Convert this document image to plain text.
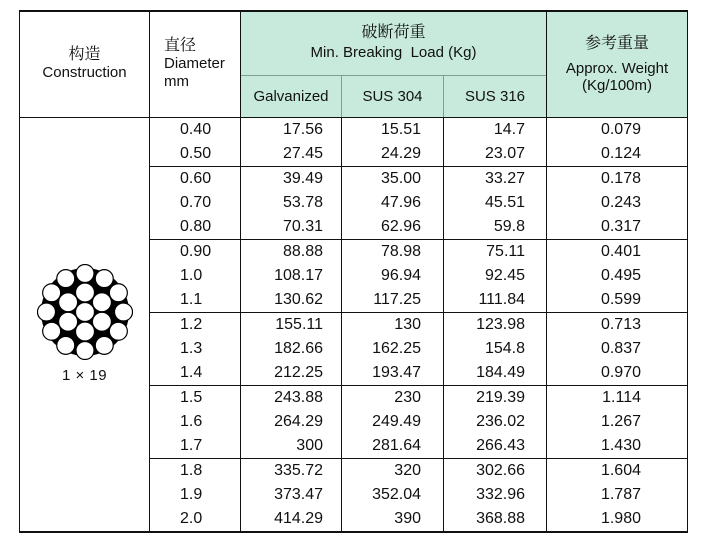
构造
Construction	直径
Diameter
mm	破断荷重
Min. Breaking  Load (Kg)			参考重量
Approx. Weight
(Kg/100m)

		Galvanized	SUS 304	SUS 316	

1 × 19	0.40	17.56	15.51	14.7	0.079
	0.50	27.45	24.29	23.07	0.124
	0.60	39.49	35.00	33.27	0.178
	0.70	53.78	47.96	45.51	0.243
	0.80	70.31	62.96	59.8	0.317
	0.90	88.88	78.98	75.11	0.401
	1.0	108.17	96.94	92.45	0.495
	1.1	130.62	117.25	111.84	0.599
	1.2	155.11	130	123.98	0.713
	1.3	182.66	162.25	154.8	0.837
	1.4	212.25	193.47	184.49	0.970
	1.5	243.88	230	219.39	1.114
	1.6	264.29	249.49	236.02	1.267
	1.7	300	281.64	266.43	1.430
	1.8	335.72	320	302.66	1.604
	1.9	373.47	352.04	332.96	1.787
	2.0	414.29	390	368.88	1.980
